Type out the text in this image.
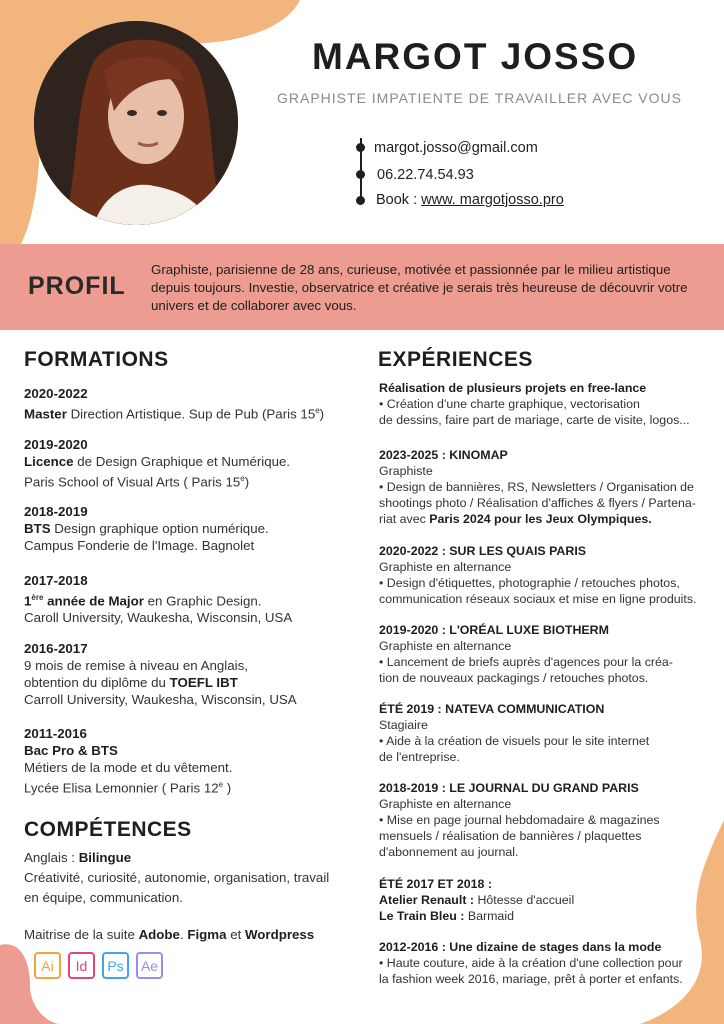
MARGOT JOSSO
GRAPHISTE IMPATIENTE DE TRAVAILLER AVEC VOUS
margot.josso@gmail.com
06.22.74.54.93
Book : www. margotjosso.pro
PROFIL
Graphiste, parisienne de 28 ans, curieuse, motivée et passionnée par le milieu artistique depuis toujours. Investie, observatrice et créative je serais très heureuse de découvrir votre univers et de collaborer avec vous.
FORMATIONS
2020-2022
Master Direction Artistique. Sup de Pub (Paris 15e)
2019-2020
Licence de Design Graphique et Numérique.
Paris School of Visual Arts ( Paris 15e)
2018-2019
BTS Design graphique option numérique.
Campus Fonderie de l'Image. Bagnolet
2017-2018
1ère année de Major en Graphic Design.
Caroll University, Waukesha, Wisconsin, USA
2016-2017
9 mois de remise à niveau en Anglais,
obtention du diplôme du TOEFL IBT
Carroll University, Waukesha, Wisconsin, USA
2011-2016
Bac Pro & BTS
Métiers de la mode et du vêtement.
Lycée Elisa Lemonnier ( Paris 12e )
COMPÉTENCES
Anglais : Bilingue
Créativité, curiosité, autonomie, organisation, travail en équipe, communication.
Maitrise de la suite Adobe. Figma et Wordpress
Ai	Id	Ps	Ae
EXPÉRIENCES
Réalisation de plusieurs projets en free-lance
• Création d'une charte graphique, vectorisation
de dessins, faire part de mariage, carte de visite, logos...
2023-2025 : KINOMAP
Graphiste
• Design de bannières, RS, Newsletters / Organisation de
shootings photo / Réalisation d'affiches & flyers / Partena-
riat avec Paris 2024 pour les Jeux Olympiques.
2020-2022 : SUR LES QUAIS PARIS
Graphiste en alternance
• Design d'étiquettes, photographie / retouches photos,
communication réseaux sociaux et mise en ligne produits.
2019-2020 : L'ORÉAL LUXE BIOTHERM
Graphiste en alternance
• Lancement de briefs auprès d'agences pour la créa-
tion de nouveaux packagings / retouches photos.
ÉTÉ 2019 : NATEVA COMMUNICATION
Stagiaire
• Aide à la création de visuels pour le site internet
de l'entreprise.
2018-2019 : LE JOURNAL DU GRAND PARIS
Graphiste en alternance
• Mise en page journal hebdomadaire & magazines
mensuels / réalisation de bannières / plaquettes
d'abonnement au journal.
ÉTÉ 2017 ET 2018 :
Atelier Renault : Hôtesse d'accueil
Le Train Bleu : Barmaid
2012-2016 : Une dizaine de stages dans la mode
• Haute couture, aide à la création d'une collection pour
la fashion week 2016, mariage, prêt à porter et enfants.
